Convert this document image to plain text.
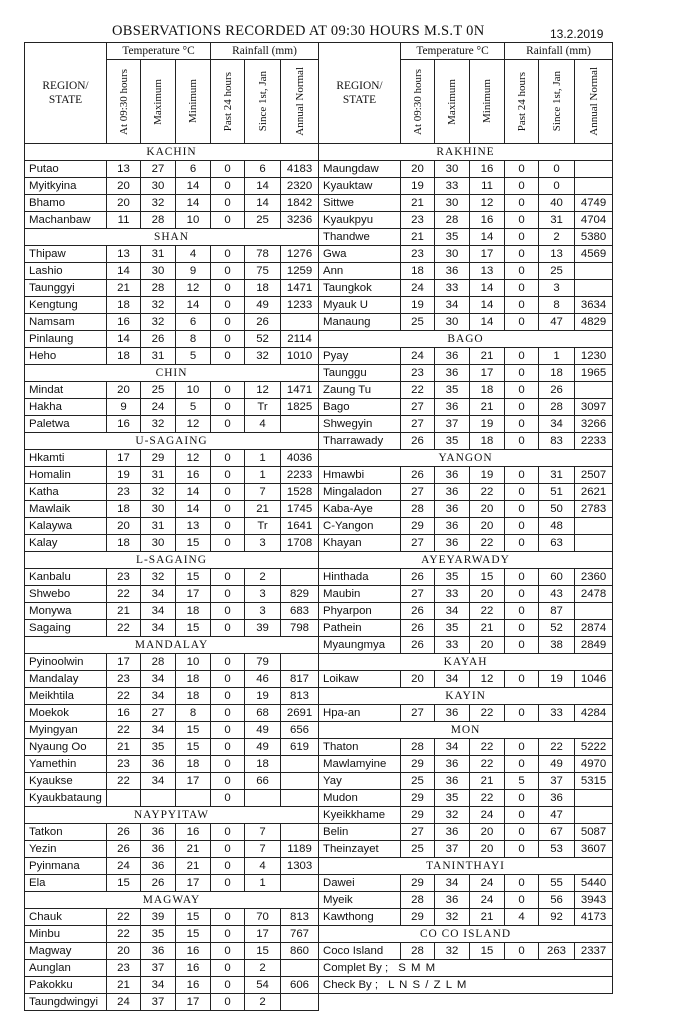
OBSERVATIONS RECORDED AT 09:30 HOURS M.S.T 0N	13.2.2019
REGION/ STATE	Temperature °C			Rainfall (mm)		

	At 09:30 hours	Maximum	Minimum	Past 24 hours	Since 1st, Jan	Annual Normal

KACHIN						
Putao	13	27	6	0	6	4183
Myitkyina	20	30	14	0	14	2320
Bhamo	20	32	14	0	14	1842
Machanbaw	11	28	10	0	25	3236
SHAN						
Thipaw	13	31	4	0	78	1276
Lashio	14	30	9	0	75	1259
Taunggyi	21	28	12	0	18	1471
Kengtung	18	32	14	0	49	1233
Namsam	16	32	6	0	26	
Pinlaung	14	26	8	0	52	2114
Heho	18	31	5	0	32	1010
CHIN						
Mindat	20	25	10	0	12	1471
Hakha	9	24	5	0	Tr	1825
Paletwa	16	32	12	0	4	
U-SAGAING						
Hkamti	17	29	12	0	1	4036
Homalin	19	31	16	0	1	2233
Katha	23	32	14	0	7	1528
Mawlaik	18	30	14	0	21	1745
Kalaywa	20	31	13	0	Tr	1641
Kalay	18	30	15	0	3	1708
L-SAGAING						
Kanbalu	23	32	15	0	2	
Shwebo	22	34	17	0	3	829
Monywa	21	34	18	0	3	683
Sagaing	22	34	15	0	39	798
MANDALAY						
Pyinoolwin	17	28	10	0	79	
Mandalay	23	34	18	0	46	817
Meikhtila	22	34	18	0	19	813
Moekok	16	27	8	0	68	2691
Myingyan	22	34	15	0	49	656
Nyaung Oo	21	35	15	0	49	619
Yamethin	23	36	18	0	18	
Kyaukse	22	34	17	0	66	
Kyaukbataung				0		
NAYPYITAW						
Tatkon	26	36	16	0	7	
Yezin	26	36	21	0	7	1189
Pyinmana	24	36	21	0	4	1303
Ela	15	26	17	0	1	
MAGWAY						
Chauk	22	39	15	0	70	813
Minbu	22	35	15	0	17	767
Magway	20	36	16	0	15	860
Aunglan	23	37	16	0	2	
Pakokku	21	34	16	0	54	606
Taungdwingyi	24	37	17	0	2	
REGION/ STATE	Temperature °C			Rainfall (mm)		

	At 09:30 hours	Maximum	Minimum	Past 24 hours	Since 1st, Jan	Annual Normal

RAKHINE						
Maungdaw	20	30	16	0	0	
Kyauktaw	19	33	11	0	0	
Sittwe	21	30	12	0	40	4749
Kyaukpyu	23	28	16	0	31	4704
Thandwe	21	35	14	0	2	5380
Gwa	23	30	17	0	13	4569
Ann	18	36	13	0	25	
Taungkok	24	33	14	0	3	
Myauk U	19	34	14	0	8	3634
Manaung	25	30	14	0	47	4829
BAGO						
Pyay	24	36	21	0	1	1230
Taunggu	23	36	17	0	18	1965
Zaung Tu	22	35	18	0	26	
Bago	27	36	21	0	28	3097
Shwegyin	27	37	19	0	34	3266
Tharrawady	26	35	18	0	83	2233
YANGON						
Hmawbi	26	36	19	0	31	2507
Mingaladon	27	36	22	0	51	2621
Kaba-Aye	28	36	20	0	50	2783
C-Yangon	29	36	20	0	48	
Khayan	27	36	22	0	63	
AYEYARWADY						
Hinthada	26	35	15	0	60	2360
Maubin	27	33	20	0	43	2478
Phyarpon	26	34	22	0	87	
Pathein	26	35	21	0	52	2874
Myaungmya	26	33	20	0	38	2849
KAYAH						
Loikaw	20	34	12	0	19	1046
KAYIN						
Hpa-an	27	36	22	0	33	4284
MON						
Thaton	28	34	22	0	22	5222
Mawlamyine	29	36	22	0	49	4970
Yay	25	36	21	5	37	5315
Mudon	29	35	22	0	36	
Kyeikkhame	29	32	24	0	47	
Belin	27	36	20	0	67	5087
Theinzayet	25	37	20	0	53	3607
TANINTHAYI						
Dawei	29	34	24	0	55	5440
Myeik	28	36	24	0	56	3943
Kawthong	29	32	21	4	92	4173
CO CO ISLAND						
Coco Island	28	32	15	0	263	2337
Complet By ; S M M						
Check By ; L N S / Z L M						
